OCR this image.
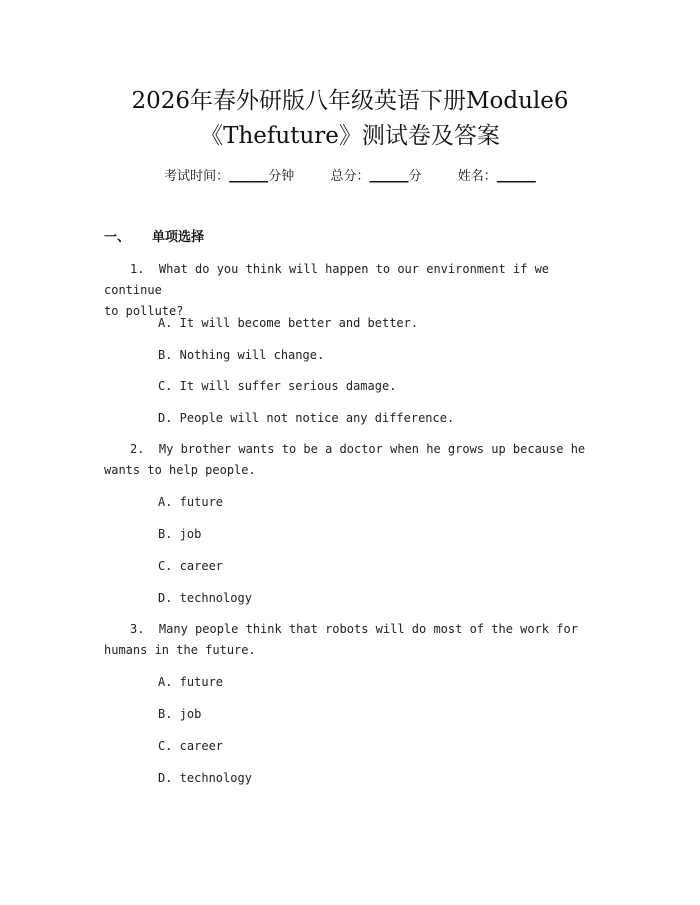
2026年春外研版八年级英语下册Module6
《Thefuture》测试卷及答案
考试时间：______分钟	总分：______分	姓名：______
一、 单项选择
1. What do you think will happen to our environment if we continue
to pollute?
A. It will become better and better.
B. Nothing will change.
C. It will suffer serious damage.
D. People will not notice any difference.
2. My brother wants to be a doctor when he grows up because he
wants to help people.
A. future
B. job
C. career
D. technology
3. Many people think that robots will do most of the work for
humans in the future.
A. future
B. job
C. career
D. technology
